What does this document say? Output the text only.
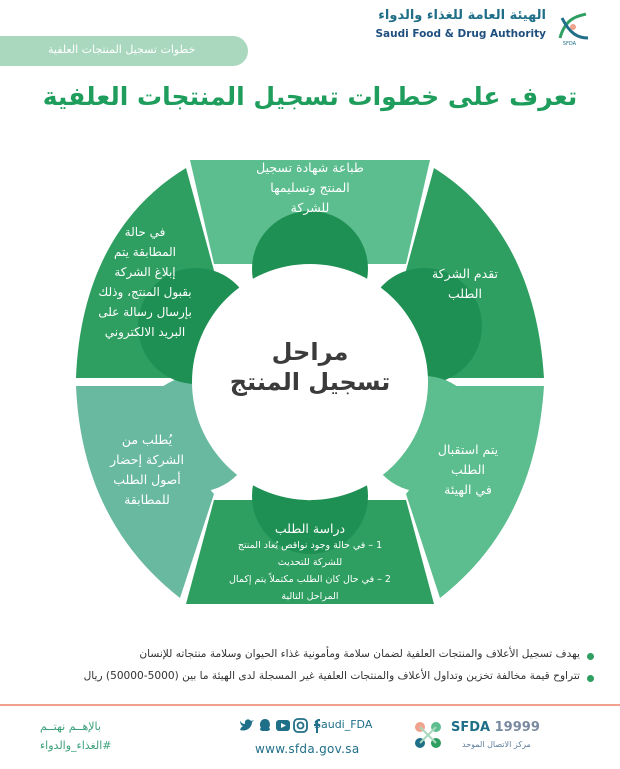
الهيئة العامة للغذاء والدواء
Saudi Food & Drug Authority
SFDA
خطوات تسجيل المنتجات العلفية
تعرف على خطوات تسجيل المنتجات العلفية
6
1
2
3
4
5
مراحل
تسجيل المنتج
طباعة شهادة تسجيل
المنتج وتسليمها
للشركة
تقدم الشركة
الطلب
يتم استقبال
الطلب
في الهيئة
دراسة الطلب
1 – في حالة وجود نواقص يُعاد المنتج
للشركة للتحديث
2 – في حال كان الطلب مكتملاً يتم إكمال
المراحل التالية
يُطلب من
الشركة إحضار
أصول الطلب
للمطابقة
في حالة
المطابقة يتم
إبلاغ الشركة
بقبول المنتج، وذلك
بإرسال رسالة على
البريد الالكتروني
يهدف تسجيل الأعلاف والمنتجات العلفية لضمان سلامة ومأمونية غذاء الحيوان وسلامة منتجاته للإنسان
تتراوح قيمة مخالفة تخزين وتداول الأعلاف والمنتجات العلفية غير المسجلة لدى الهيئة ما بين (5000-50000) ريال
بالإهــم نهتــم
#الغذاء_والدواء
Saudi_FDA
www.sfda.gov.sa
SFDA 19999
مركز الاتصال الموحد
